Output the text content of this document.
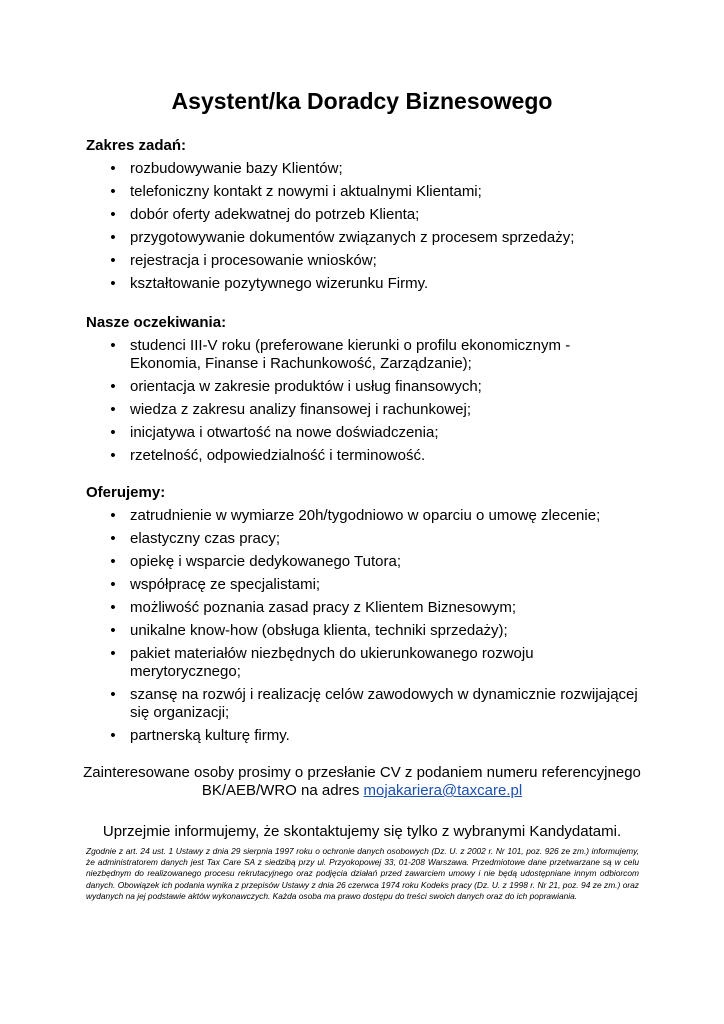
Asystent/ka Doradcy Biznesowego
Zakres zadań:
• rozbudowywanie bazy Klientów;
• telefoniczny kontakt z nowymi i aktualnymi Klientami;
• dobór oferty adekwatnej do potrzeb Klienta;
• przygotowywanie dokumentów związanych z procesem sprzedaży;
• rejestracja i procesowanie wniosków;
• kształtowanie pozytywnego wizerunku Firmy.
Nasze oczekiwania:
• studenci III-V roku (preferowane kierunki o profilu ekonomicznym - Ekonomia, Finanse i Rachunkowość, Zarządzanie);
• orientacja w zakresie produktów i usług finansowych;
• wiedza z zakresu analizy finansowej i rachunkowej;
• inicjatywa i otwartość na nowe doświadczenia;
• rzetelność, odpowiedzialność i terminowość.
Oferujemy:
• zatrudnienie w wymiarze 20h/tygodniowo w oparciu o umowę zlecenie;
• elastyczny czas pracy;
• opiekę i wsparcie dedykowanego Tutora;
• współpracę ze specjalistami;
• możliwość poznania zasad pracy z Klientem Biznesowym;
• unikalne know-how (obsługa klienta, techniki sprzedaży);
• pakiet materiałów niezbędnych do ukierunkowanego rozwoju merytorycznego;
• szansę na rozwój i realizację celów zawodowych w dynamicznie rozwijającej się organizacji;
• partnerską kulturę firmy.
Zainteresowane osoby prosimy o przesłanie CV z podaniem numeru referencyjnego BK/AEB/WRO na adres mojakariera@taxcare.pl
Uprzejmie informujemy, że skontaktujemy się tylko z wybranymi Kandydatami.
Zgodnie z art. 24 ust. 1 Ustawy z dnia 29 sierpnia 1997 roku o ochronie danych osobowych (Dz. U. z 2002 r. Nr 101, poz. 926 ze zm.) informujemy, że administratorem danych jest Tax Care SA z siedzibą przy ul. Przyokopowej 33, 01-208 Warszawa. Przedmiotowe dane przetwarzane są w celu niezbędnym do realizowanego procesu rekrutacyjnego oraz podjęcia działań przed zawarciem umowy i nie będą udostępniane innym odbiorcom danych. Obowiązek ich podania wynika z przepisów Ustawy z dnia 26 czerwca 1974 roku Kodeks pracy (Dz. U. z 1998 r. Nr 21, poz. 94 ze zm.) oraz wydanych na jej podstawie aktów wykonawczych. Każda osoba ma prawo dostępu do treści swoich danych oraz do ich poprawiania.
